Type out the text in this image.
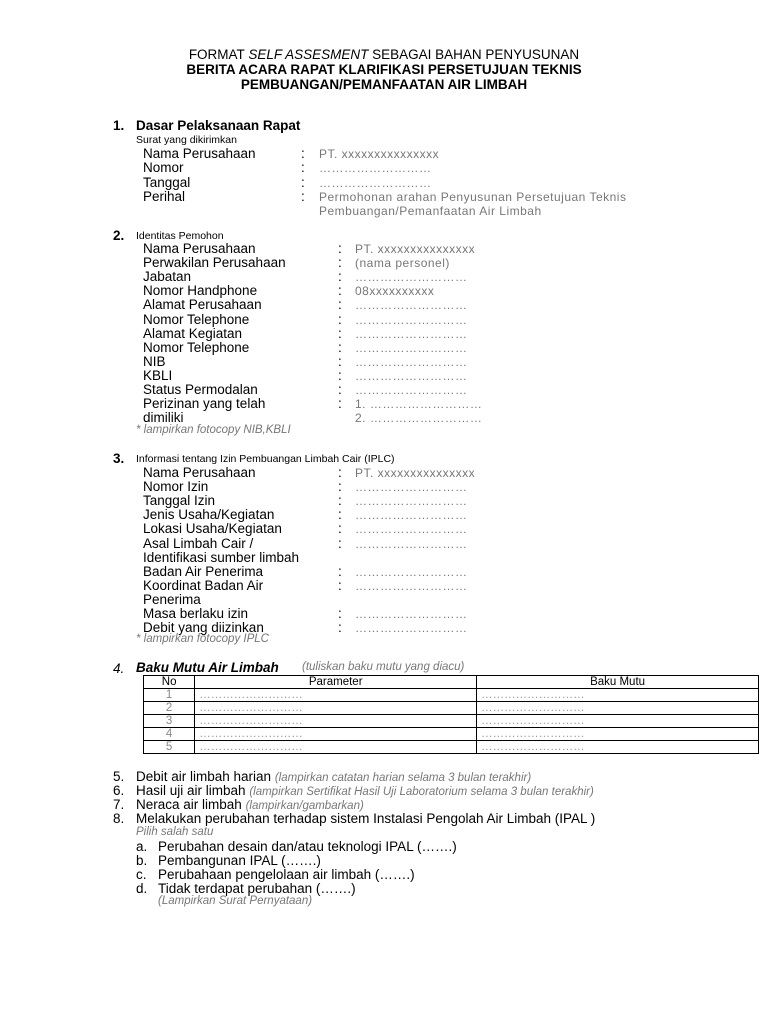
FORMAT SELF ASSESMENT SEBAGAI BAHAN PENYUSUNAN
BERITA ACARA RAPAT KLARIFIKASI PERSETUJUAN TEKNIS
PEMBUANGAN/PEMANFAATAN AIR LIMBAH
1. Dasar Pelaksanaan Rapat
Surat yang dikirimkan
Nama Perusahaan	: PT. xxxxxxxxxxxxxxx
Nomor	: ………………………
Tanggal	: ………………………
Perihal	: Permohonan arahan Penyusunan Persetujuan Teknis
Pembuangan/Pemanfaatan Air Limbah
2. Identitas Pemohon
Nama Perusahaan	: PT. xxxxxxxxxxxxxxx
Perwakilan Perusahaan	: (nama personel)
Jabatan	: ………………………
Nomor Handphone	: 08xxxxxxxxxx
Alamat Perusahaan	: ………………………
Nomor Telephone	: ………………………
Alamat Kegiatan	: ………………………
Nomor Telephone	: ………………………
NIB	: ………………………
KBLI	: ………………………
Status Permodalan	: ………………………
Perizinan yang telah	: 1. ………………………
dimiliki	2. ………………………
* lampirkan fotocopy NIB,KBLI
3. Informasi tentang Izin Pembuangan Limbah Cair (IPLC)
Nama Perusahaan	: PT. xxxxxxxxxxxxxxx
Nomor Izin	: ………………………
Tanggal Izin	: ………………………
Jenis Usaha/Kegiatan	: ………………………
Lokasi Usaha/Kegiatan	: ………………………
Asal Limbah Cair /	: ………………………
Identifikasi sumber limbah
Badan Air Penerima	: ………………………
Koordinat Badan Air	: ………………………
Penerima
Masa berlaku izin	: ………………………
Debit yang diizinkan	: ………………………
* lampirkan fotocopy IPLC
4. Baku Mutu Air Limbah (tuliskan baku mutu yang diacu)
No	Parameter	Baku Mutu
1	………………………	………………………
2	………………………	………………………
3	………………………	………………………
4	………………………	………………………
5	………………………	………………………
5. Debit air limbah harian (lampirkan catatan harian selama 3 bulan terakhir)
6. Hasil uji air limbah (lampirkan Sertifikat Hasil Uji Laboratorium selama 3 bulan terakhir)
7. Neraca air limbah (lampirkan/gambarkan)
8. Melakukan perubahan terhadap sistem Instalasi Pengolah Air Limbah (IPAL )
Pilih salah satu
a. Perubahan desain dan/atau teknologi IPAL (…….)
b. Pembangunan IPAL (…….)
c. Perubahaan pengelolaan air limbah (…….)
d. Tidak terdapat perubahan (…….)
(Lampirkan Surat Pernyataan)
